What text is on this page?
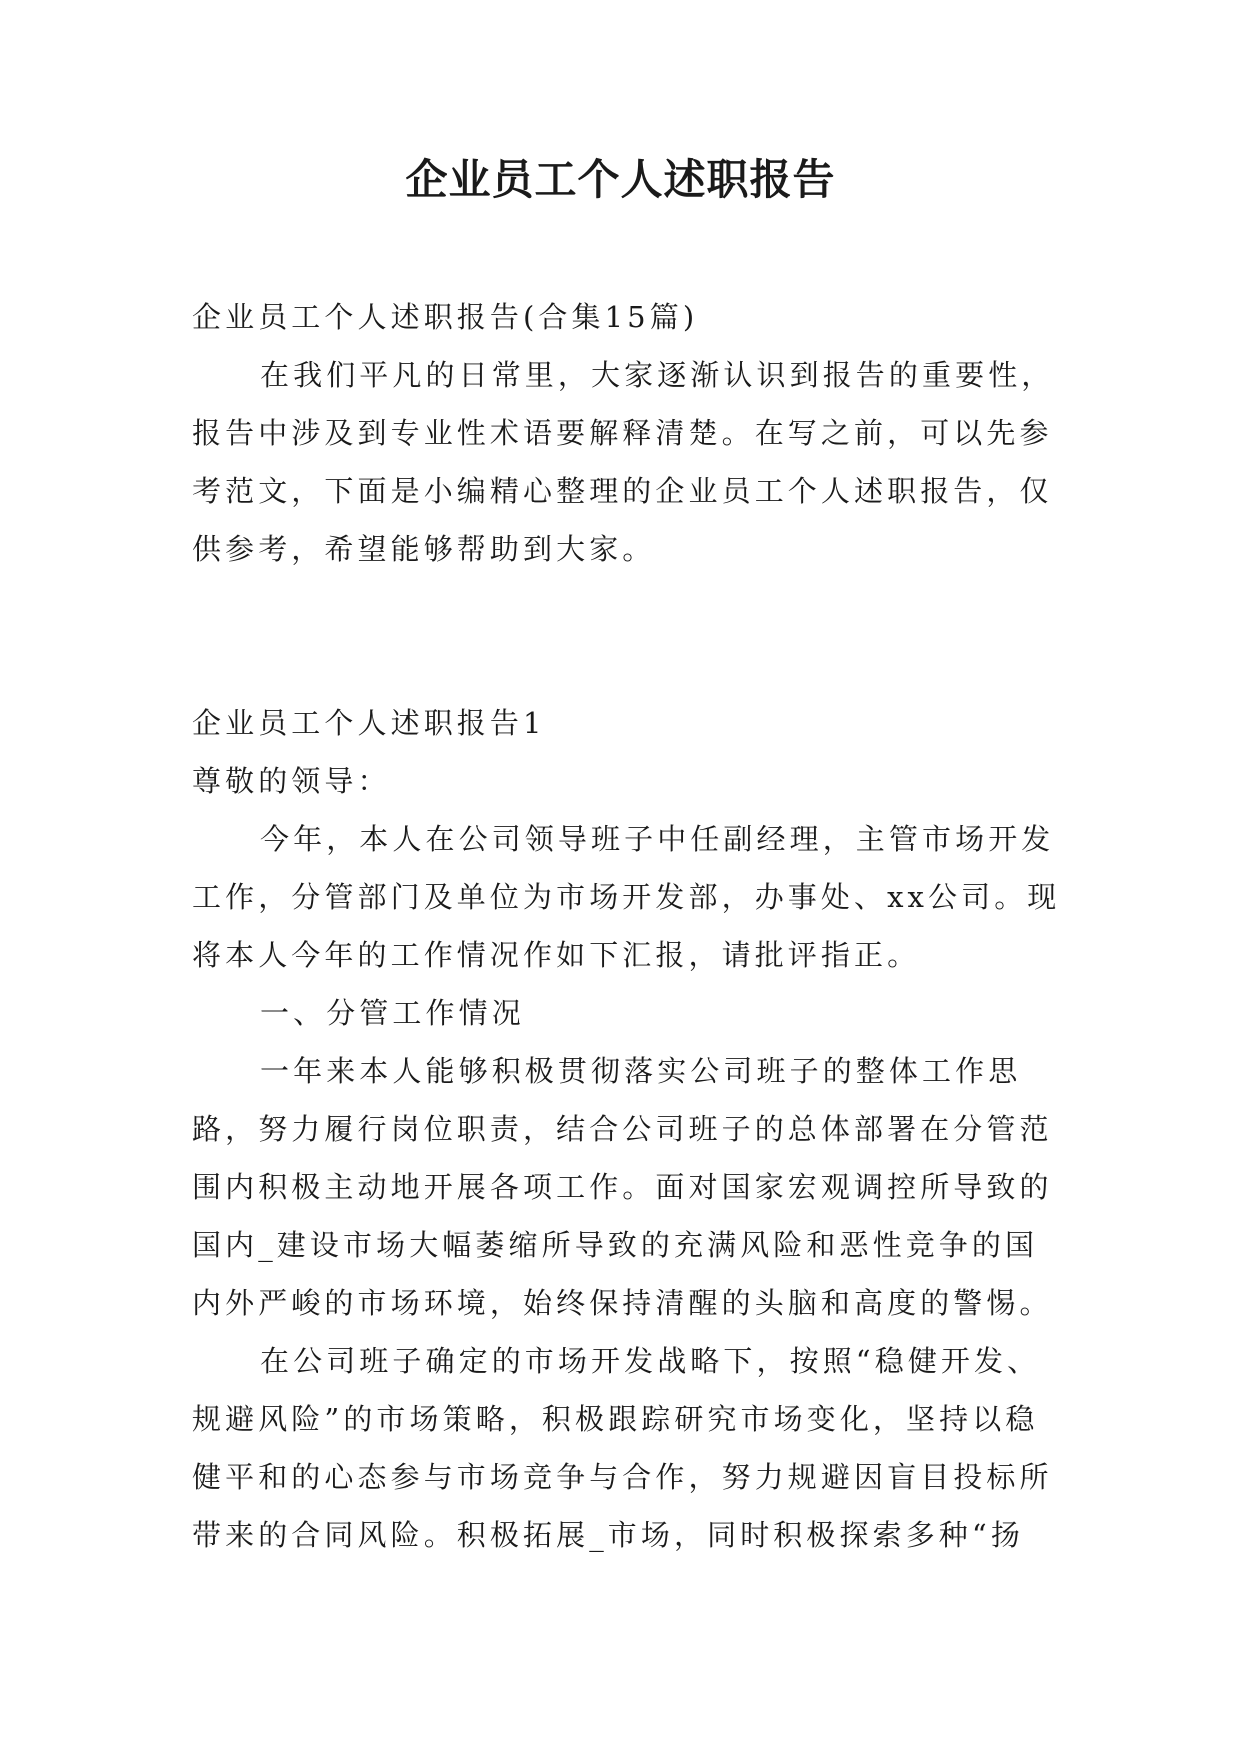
企业员工个人述职报告
企业员工个人述职报告(合集15篇)
在我们平凡的日常里，大家逐渐认识到报告的重要性，
报告中涉及到专业性术语要解释清楚。在写之前，可以先参
考范文，下面是小编精心整理的企业员工个人述职报告，仅
供参考，希望能够帮助到大家。
企业员工个人述职报告1
尊敬的领导：
今年，本人在公司领导班子中任副经理，主管市场开发
工作，分管部门及单位为市场开发部，办事处、xx公司。现
将本人今年的工作情况作如下汇报，请批评指正。
一、分管工作情况
一年来本人能够积极贯彻落实公司班子的整体工作思
路，努力履行岗位职责，结合公司班子的总体部署在分管范
围内积极主动地开展各项工作。面对国家宏观调控所导致的
国内_建设市场大幅萎缩所导致的充满风险和恶性竞争的国
内外严峻的市场环境，始终保持清醒的头脑和高度的警惕。
在公司班子确定的市场开发战略下，按照“稳健开发、
规避风险”的市场策略，积极跟踪研究市场变化，坚持以稳
健平和的心态参与市场竞争与合作，努力规避因盲目投标所
带来的合同风险。积极拓展_市场，同时积极探索多种“扬
